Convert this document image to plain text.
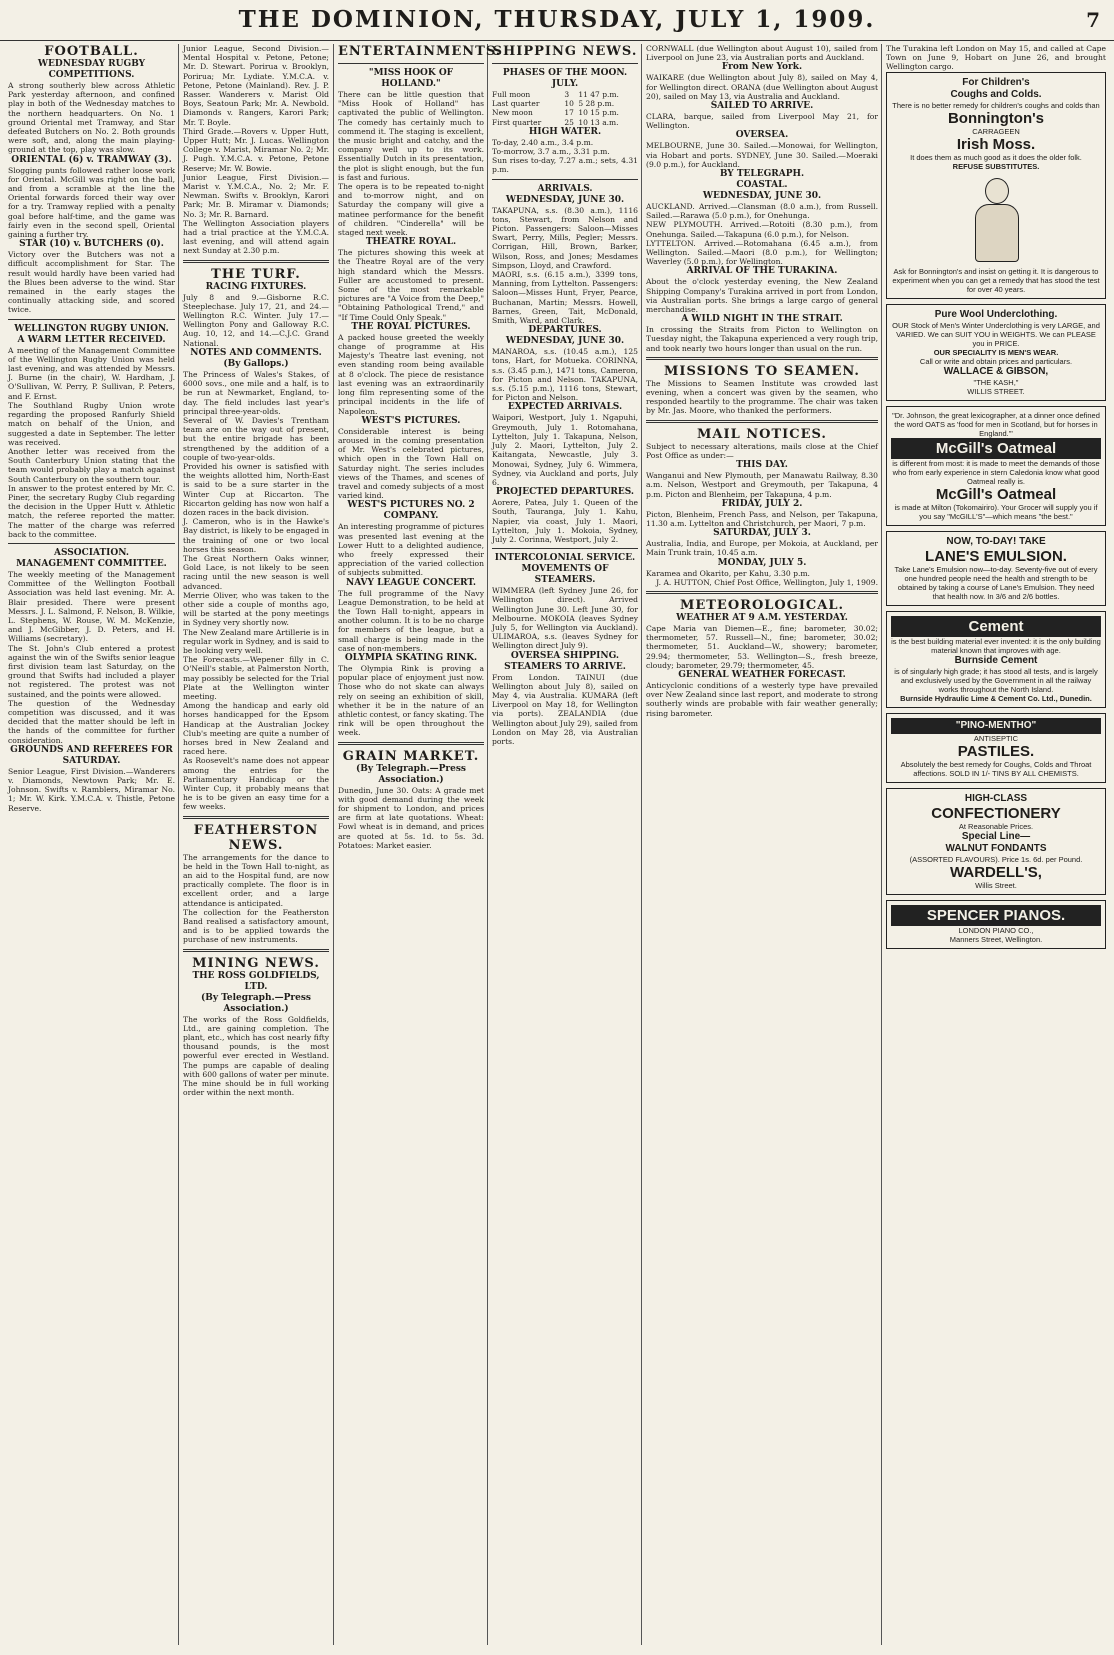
THE DOMINION, THURSDAY, JULY 1, 1909.	7
FOOTBALL.
WEDNESDAY RUGBY COMPETITIONS.

A strong southerly blew across Athletic Park yesterday afternoon, and confined play in both of the Wednesday matches to the northern headquarters. On No. 1 ground Oriental met Tramway, and Star defeated Butchers on No. 2. Both grounds were soft, and, along the main playing-ground at the top, play was slow.

ORIENTAL (6) v. TRAMWAY (3).

Slogging punts followed rather loose work for Oriental. McGill was right on the ball, and from a scramble at the line the Oriental forwards forced their way over for a try. Tramway replied with a penalty goal before half-time, and the game was fairly even in the second spell, Oriental gaining a further try.

STAR (10) v. BUTCHERS (0).

Victory over the Butchers was not a difficult accomplishment for Star. The result would hardly have been varied had the Blues been adverse to the wind. Star remained in the early stages the continually attacking side, and scored twice.

WELLINGTON RUGBY UNION.
A WARM LETTER RECEIVED.

A meeting of the Management Committee of the Wellington Rugby Union was held last evening, and was attended by Messrs. J. Burne (in the chair), W. Hardham, J. O'Sullivan, W. Perry, P. Sullivan, P. Peters, and F. Ernst.

The Southland Rugby Union wrote regarding the proposed Ranfurly Shield match on behalf of the Union, and suggested a date in September. The letter was received.

Another letter was received from the South Canterbury Union stating that the team would probably play a match against South Canterbury on the southern tour.

In answer to the protest entered by Mr. C. Piner, the secretary Rugby Club regarding the decision in the Upper Hutt v. Athletic match, the referee reported the matter. The matter of the charge was referred back to the committee.

ASSOCIATION.
MANAGEMENT COMMITTEE.

The weekly meeting of the Management Committee of the Wellington Football Association was held last evening. Mr. A. Blair presided. There were present Messrs. J. L. Salmond, F. Nelson, B. Wilkie, L. Stephens, W. Rouse, W. M. McKenzie, and J. McGibber, J. D. Peters, and H. Williams (secretary).

The St. John's Club entered a protest against the win of the Swifts senior league first division team last Saturday, on the ground that Swifts had included a player not registered. The protest was not sustained, and the points were allowed.

The question of the Wednesday competition was discussed, and it was decided that the matter should be left in the hands of the committee for further consideration.

GROUNDS AND REFEREES FOR SATURDAY.

Senior League, First Division.—Wanderers v. Diamonds, Newtown Park; Mr. E. Johnson. Swifts v. Ramblers, Miramar No. 1; Mr. W. Kirk. Y.M.C.A. v. Thistle, Petone Reserve.

Junior League, Second Division.—Mental Hospital v. Petone, Petone; Mr. D. Stewart. Porirua v. Brooklyn, Porirua; Mr. Lydiate. Y.M.C.A. v. Petone, Petone (Mainland). Rev. J. P. Rasser. Wanderers v. Marist Old Boys, Seatoun Park; Mr. A. Newbold. Diamonds v. Rangers, Karori Park; Mr. T. Boyle.

Third Grade.—Rovers v. Upper Hutt, Upper Hutt; Mr. J. Lucas. Wellington College v. Marist, Miramar No. 2; Mr. J. Pugh. Y.M.C.A. v. Petone, Petone Reserve; Mr. W. Bowie.

Junior League, First Division.—Marist v. Y.M.C.A., No. 2; Mr. F. Newman. Swifts v. Brooklyn, Karori Park; Mr. B. Miramar v. Diamonds; No. 3; Mr. R. Barnard.

The Wellington Association players had a trial practice at the Y.M.C.A. last evening, and will attend again next Sunday at 2.30 p.m.

THE TURF.
RACING FIXTURES.

July 8 and 9.—Gisborne R.C. Steeplechase. July 17, 21, and 24.—Wellington R.C. Winter. July 17.—Wellington Pony and Galloway R.C. Aug. 10, 12, and 14.—C.J.C. Grand National.

NOTES AND COMMENTS.
(By Gallops.)

The Princess of Wales's Stakes, of 6000 sovs., one mile and a half, is to be run at Newmarket, England, to-day. The field includes last year's principal three-year-olds.

Several of W. Davies's Trentham team are on the way out of present, but the entire brigade has been strengthened by the addition of a couple of two-year-olds.

Provided his owner is satisfied with the weights allotted him, North-East is said to be a sure starter in the Winter Cup at Riccarton. The Riccarton gelding has now won half a dozen races in the back division.

J. Cameron, who is in the Hawke's Bay district, is likely to be engaged in the training of one or two local horses this season.

The Great Northern Oaks winner, Gold Lace, is not likely to be seen racing until the new season is well advanced.

Merrie Oliver, who was taken to the other side a couple of months ago, will be started at the pony meetings in Sydney very shortly now.

The New Zealand mare Artillerie is in regular work in Sydney, and is said to be looking very well.

The Forecasts.—Wepener filly in C. O'Neill's stable, at Palmerston North, may possibly be selected for the Trial Plate at the Wellington winter meeting.

Among the handicap and early old horses handicapped for the Epsom Handicap at the Australian Jockey Club's meeting are quite a number of horses bred in New Zealand and raced here.

As Roosevelt's name does not appear among the entries for the Parliamentary Handicap or the Winter Cup, it probably means that he is to be given an easy time for a few weeks.

FEATHERSTON NEWS.

The arrangements for the dance to be held in the Town Hall to-night, as an aid to the Hospital fund, are now practically complete. The floor is in excellent order, and a large attendance is anticipated.

The collection for the Featherston Band realised a satisfactory amount, and is to be applied towards the purchase of new instruments.

MINING NEWS.
THE ROSS GOLDFIELDS, LTD.
(By Telegraph.—Press Association.)

The works of the Ross Goldfields, Ltd., are gaining completion. The plant, etc., which has cost nearly fifty thousand pounds, is the most powerful ever erected in Westland. The pumps are capable of dealing with 600 gallons of water per minute. The mine should be in full working order within the next month.

ENTERTAINMENTS.
"MISS HOOK OF HOLLAND."

There can be little question that "Miss Hook of Holland" has captivated the public of Wellington. The comedy has certainly much to commend it. The staging is excellent, the music bright and catchy, and the company well up to its work. Essentially Dutch in its presentation, the plot is slight enough, but the fun is fast and furious.

The opera is to be repeated to-night and to-morrow night, and on Saturday the company will give a matinee performance for the benefit of children. "Cinderella" will be staged next week.

THEATRE ROYAL.

The pictures showing this week at the Theatre Royal are of the very high standard which the Messrs. Fuller are accustomed to present. Some of the most remarkable pictures are "A Voice from the Deep," "Obtaining Pathological Trend," and "If Time Could Only Speak."

THE ROYAL PICTURES.

A packed house greeted the weekly change of programme at His Majesty's Theatre last evening, not even standing room being available at 8 o'clock. The piece de resistance last evening was an extraordinarily long film representing some of the principal incidents in the life of Napoleon.

WEST'S PICTURES.

Considerable interest is being aroused in the coming presentation of Mr. West's celebrated pictures, which open in the Town Hall on Saturday night. The series includes views of the Thames, and scenes of travel and comedy subjects of a most varied kind.

WEST'S PICTURES NO. 2 COMPANY.

An interesting programme of pictures was presented last evening at the Lower Hutt to a delighted audience, who freely expressed their appreciation of the varied collection of subjects submitted.

NAVY LEAGUE CONCERT.

The full programme of the Navy League Demonstration, to be held at the Town Hall to-night, appears in another column. It is to be no charge for members of the league, but a small charge is being made in the case of non-members.

OLYMPIA SKATING RINK.

The Olympia Rink is proving a popular place of enjoyment just now. Those who do not skate can always rely on seeing an exhibition of skill, whether it be in the nature of an athletic contest, or fancy skating. The rink will be open throughout the week.

GRAIN MARKET.
(By Telegraph.—Press Association.)

Dunedin, June 30. Oats: A grade met with good demand during the week for shipment to London, and prices are firm at late quotations. Wheat: Fowl wheat is in demand, and prices are quoted at 5s. 1d. to 5s. 3d. Potatoes: Market easier.

SHIPPING NEWS.
PHASES OF THE MOON.
JULY.
Full moon	3	11 47 p.m.
Last quarter	10	5 28 p.m.
New moon	17	10 15 p.m.
First quarter	25	10 13 a.m.
HIGH WATER.

To-day, 2.40 a.m., 3.4 p.m.

To-morrow, 3.7 a.m., 3.31 p.m.

Sun rises to-day, 7.27 a.m.; sets, 4.31 p.m.

ARRIVALS.
WEDNESDAY, JUNE 30.

TAKAPUNA, s.s. (8.30 a.m.), 1116 tons, Stewart, from Nelson and Picton. Passengers: Saloon—Misses Swart, Perry, Mills, Pegler; Messrs. Corrigan, Hill, Brown, Barker, Wilson, Ross, and Jones; Mesdames Simpson, Lloyd, and Crawford.

MAORI, s.s. (6.15 a.m.), 3399 tons, Manning, from Lyttelton. Passengers: Saloon—Misses Hunt, Fryer, Pearce, Buchanan, Martin; Messrs. Howell, Barnes, Green, Tait, McDonald, Smith, Ward, and Clark.

DEPARTURES.
WEDNESDAY, JUNE 30.

MANAROA, s.s. (10.45 a.m.), 125 tons, Hart, for Motueka. CORINNA, s.s. (3.45 p.m.), 1471 tons, Cameron, for Picton and Nelson. TAKAPUNA, s.s. (5.15 p.m.), 1116 tons, Stewart, for Picton and Nelson.

EXPECTED ARRIVALS.

Waipori, Westport, July 1. Ngapuhi, Greymouth, July 1. Rotomahana, Lyttelton, July 1. Takapuna, Nelson, July 2. Maori, Lyttelton, July 2. Kaitangata, Newcastle, July 3. Monowai, Sydney, July 6. Wimmera, Sydney, via Auckland and ports, July 6.

PROJECTED DEPARTURES.

Aorere, Patea, July 1. Queen of the South, Tauranga, July 1. Kahu, Napier, via coast, July 1. Maori, Lyttelton, July 1. Mokoia, Sydney, July 2. Corinna, Westport, July 2.

INTERCOLONIAL SERVICE.
MOVEMENTS OF STEAMERS.

WIMMERA (left Sydney June 26, for Wellington direct). Arrived Wellington June 30. Left June 30, for Melbourne. MOKOIA (leaves Sydney July 5, for Wellington via Auckland). ULIMAROA, s.s. (leaves Sydney for Wellington direct July 9).

OVERSEA SHIPPING.
STEAMERS TO ARRIVE.

From London. TAINUI (due Wellington about July 8), sailed on May 4, via Australia. KUMARA (left Liverpool on May 18, for Wellington via ports). ZEALANDIA (due Wellington about July 29), sailed from London on May 28, via Australian ports.

CORNWALL (due Wellington about August 10), sailed from Liverpool on June 23, via Australian ports and Auckland.

From New York.

WAIKARE (due Wellington about July 8), sailed on May 4, for Wellington direct. ORANA (due Wellington about August 20), sailed on May 13, via Australia and Auckland.

SAILED TO ARRIVE.

CLARA, barque, sailed from Liverpool May 21, for Wellington.

OVERSEA.

MELBOURNE, June 30. Sailed.—Monowai, for Wellington, via Hobart and ports. SYDNEY, June 30. Sailed.—Moeraki (9.0 p.m.), for Auckland.

BY TELEGRAPH.
COASTAL.
WEDNESDAY, JUNE 30.

AUCKLAND. Arrived.—Clansman (8.0 a.m.), from Russell. Sailed.—Rarawa (5.0 p.m.), for Onehunga.

NEW PLYMOUTH. Arrived.—Rotoiti (8.30 p.m.), from Onehunga. Sailed.—Takapuna (6.0 p.m.), for Nelson.

LYTTELTON. Arrived.—Rotomahana (6.45 a.m.), from Wellington. Sailed.—Maori (8.0 p.m.), for Wellington; Waverley (5.0 p.m.), for Wellington.

ARRIVAL OF THE TURAKINA.

About the o'clock yesterday evening, the New Zealand Shipping Company's Turakina arrived in port from London, via Australian ports. She brings a large cargo of general merchandise.

A WILD NIGHT IN THE STRAIT.

In crossing the Straits from Picton to Wellington on Tuesday night, the Takapuna experienced a very rough trip, and took nearly two hours longer than usual on the run.

MISSIONS TO SEAMEN.

The Missions to Seamen Institute was crowded last evening, when a concert was given by the seamen, who responded heartily to the programme. The chair was taken by Mr. Jas. Moore, who thanked the performers.

MAIL NOTICES.

Subject to necessary alterations, mails close at the Chief Post Office as under:—

THIS DAY.

Wanganui and New Plymouth, per Manawatu Railway, 8.30 a.m. Nelson, Westport and Greymouth, per Takapuna, 4 p.m. Picton and Blenheim, per Takapuna, 4 p.m.

FRIDAY, JULY 2.

Picton, Blenheim, French Pass, and Nelson, per Takapuna, 11.30 a.m. Lyttelton and Christchurch, per Maori, 7 p.m.

SATURDAY, JULY 3.

Australia, India, and Europe, per Mokoia, at Auckland, per Main Trunk train, 10.45 a.m.

MONDAY, JULY 5.

Karamea and Okarito, per Kahu, 3.30 p.m.

J. A. HUTTON, Chief Post Office, Wellington, July 1, 1909.

METEOROLOGICAL.
WEATHER AT 9 A.M. YESTERDAY.

Cape Maria van Diemen—E., fine; barometer, 30.02; thermometer, 57. Russell—N., fine; barometer, 30.02; thermometer, 51. Auckland—W., showery; barometer, 29.94; thermometer, 53. Wellington—S., fresh breeze, cloudy; barometer, 29.79; thermometer, 45.

GENERAL WEATHER FORECAST.

Anticyclonic conditions of a westerly type have prevailed over New Zealand since last report, and moderate to strong southerly winds are probable with fair weather generally; rising barometer.

The Turakina left London on May 15, and called at Cape Town on June 9, Hobart on June 26, and brought Wellington cargo.

For Children's
Coughs and Colds.
There is no better remedy for children's coughs and colds than
Bonnington's
CARRAGEEN
Irish Moss.
It does them as much good as it does the older folk.
REFUSE SUBSTITUTES.
Ask for Bonnington's and insist on getting it. It is dangerous to experiment when you can get a remedy that has stood the test for over 40 years.
Pure Wool Underclothing.
OUR Stock of Men's Winter Underclothing is very LARGE, and VARIED. We can SUIT YOU in WEIGHTS. We can PLEASE you in PRICE.
OUR SPECIALITY IS MEN'S WEAR.
Call or write and obtain prices and particulars.
WALLACE & GIBSON,
"THE KASH,"
WILLIS STREET.
"Dr. Johnson, the great lexicographer, at a dinner once defined the word OATS as 'food for men in Scotland, but for horses in England.'"
McGill's Oatmeal
is different from most: it is made to meet the demands of those who from early experience in stern Caledonia know what good Oatmeal really is.
McGill's Oatmeal
is made at Milton (Tokomairiro). Your Grocer will supply you if you say "McGILL'S"—which means "the best."
NOW, TO-DAY! TAKE
LANE'S EMULSION.
Take Lane's Emulsion now—to-day. Seventy-five out of every one hundred people need the health and strength to be obtained by taking a course of Lane's Emulsion. They need that health now. In 3/6 and 2/6 bottles.
Cement
is the best building material ever invented: it is the only building material known that improves with age.
Burnside Cement
is of singularly high grade; it has stood all tests, and is largely and exclusively used by the Government in all the railway works throughout the North Island.
Burnside Hydraulic Lime & Cement Co. Ltd., Dunedin.
"PINO-MENTHO"
ANTISEPTIC
PASTILES.
Absolutely the best remedy for Coughs, Colds and Throat affections. SOLD IN 1/- TINS BY ALL CHEMISTS.
HIGH-CLASS
CONFECTIONERY
At Reasonable Prices.
Special Line—
WALNUT FONDANTS
(ASSORTED FLAVOURS). Price 1s. 6d. per Pound.
WARDELL'S,
Willis Street.
SPENCER PIANOS.
LONDON PIANO CO.,
Manners Street, Wellington.
